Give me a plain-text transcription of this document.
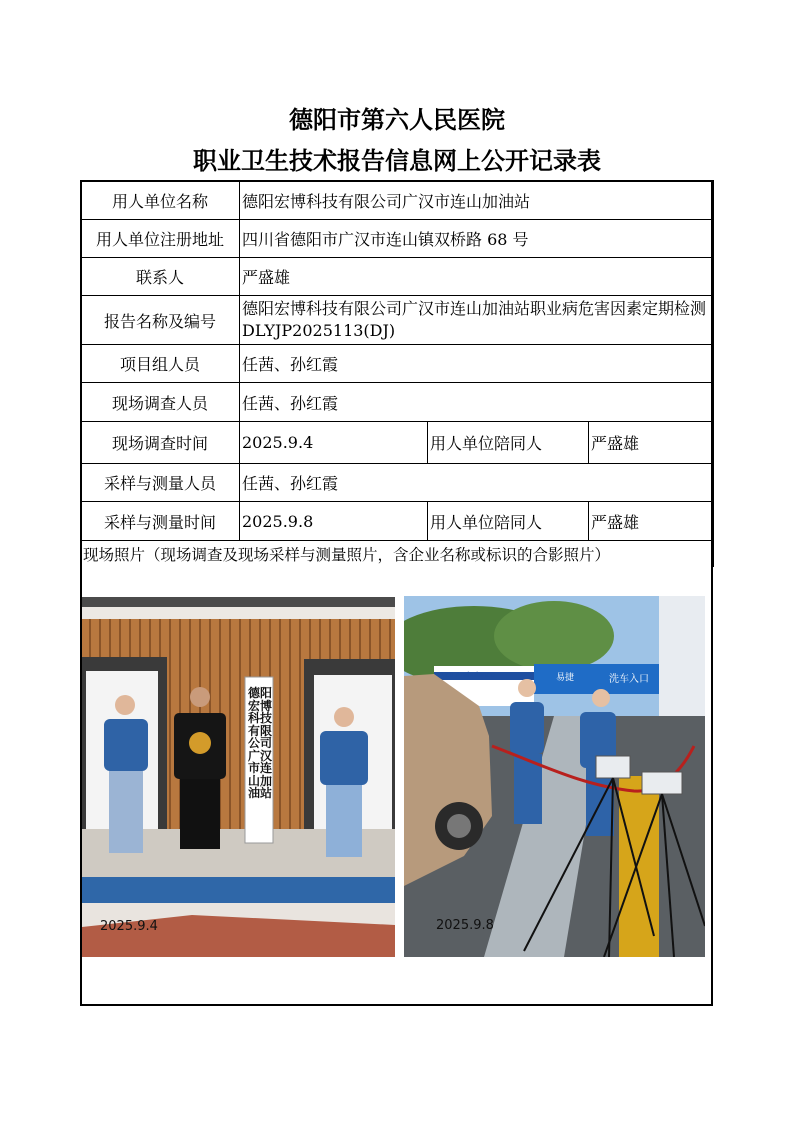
德阳市第六人民医院
职业卫生技术报告信息网上公开记录表
用人单位名称	德阳宏博科技有限公司广汉市连山加油站		
用人单位注册地址	四川省德阳市广汉市连山镇双桥路 68 号		
联系人	严盛雄		
报告名称及编号	德阳宏博科技有限公司广汉市连山加油站职业病危害因素定期检测 DLYJP2025113(DJ)		
项目组人员	任茜、孙红霞		
现场调查人员	任茜、孙红霞		
现场调查时间	2025.9.4	用人单位陪同人	严盛雄
采样与测量人员	任茜、孙红霞		
采样与测量时间	2025.9.8	用人单位陪同人	严盛雄
现场照片（现场调查及现场采样与测量照片，含企业名称或标识的合影照片）			
德阳宏博科技有限公司广汉市连山加油站
2025.9.4
120 Ambulance	易捷	洗车入口
2025.9.8
